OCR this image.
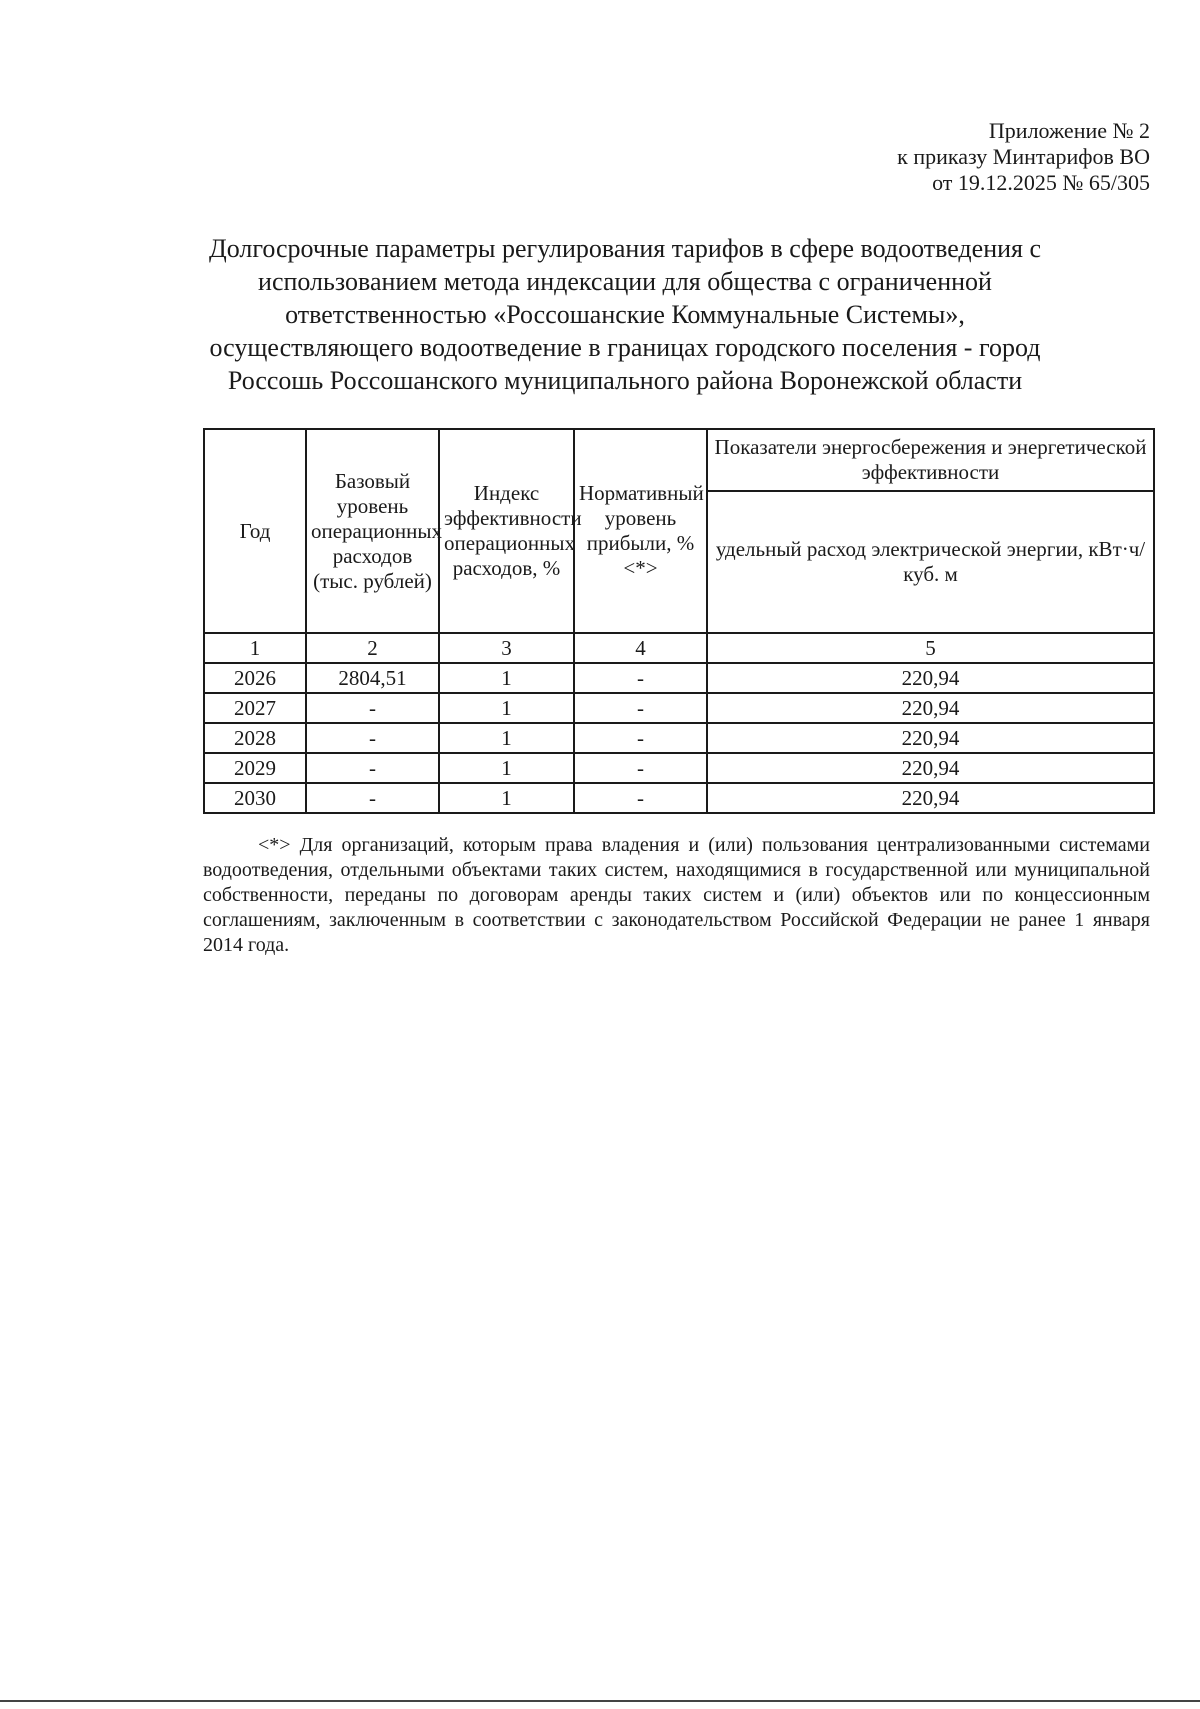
Приложение № 2
к приказу Минтарифов ВО
от 19.12.2025 № 65/305
Долгосрочные параметры регулирования тарифов в сфере водоотведения с
использованием метода индексации для общества с ограниченной
ответственностью «Россошанские Коммунальные Системы»,
осуществляющего водоотведение в границах городского поселения - город
Россошь Россошанского муниципального района Воронежской области
Год	Базовый уровень операционных расходов (тыс. рублей)	Индекс эффективности операционных расходов, %	Нормативный уровень прибыли, % <*>	Показатели энергосбережения и энергетической эффективности
				удельный расход электрической энергии, кВт·ч/куб. м
1	2	3	4	5
2026	2804,51	1	-	220,94
2027	-	1	-	220,94
2028	-	1	-	220,94
2029	-	1	-	220,94
2030	-	1	-	220,94
<*> Для организаций, которым права владения и (или) пользования централизованными системами водоотведения, отдельными объектами таких систем, находящимися в государственной или муниципальной собственности, переданы по договорам аренды таких систем и (или) объектов или по концессионным соглашениям, заключенным в соответствии с законодательством Российской Федерации не ранее 1 января 2014 года.
